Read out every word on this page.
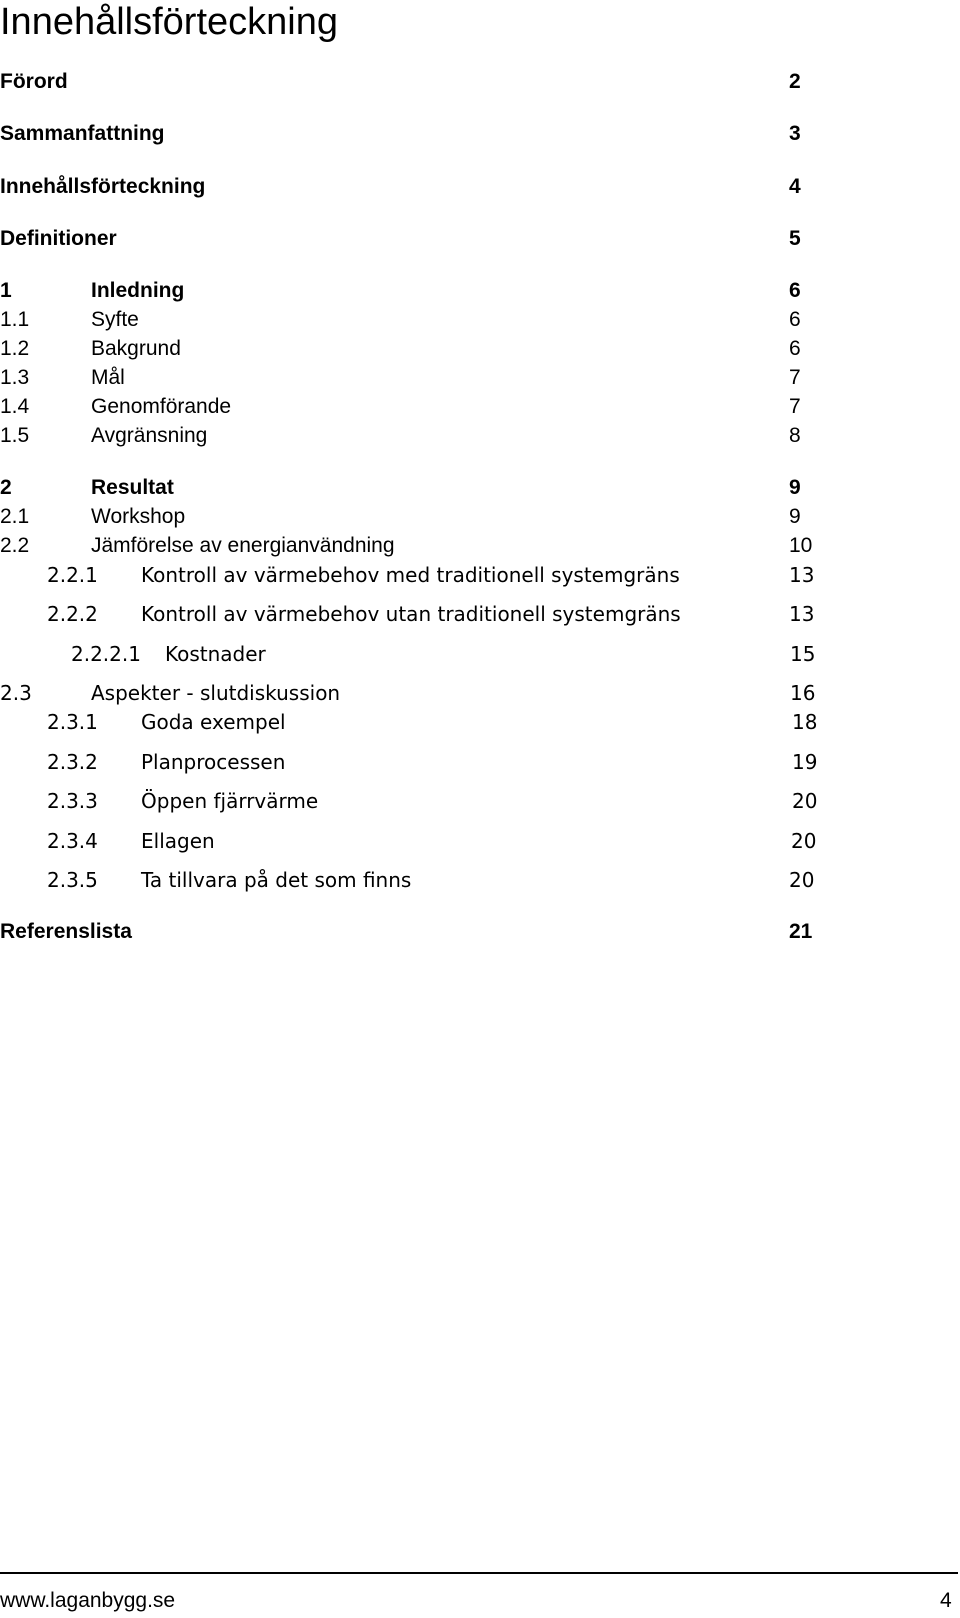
Innehållsförteckning
Förord	2
Sammanfattning	3
Innehållsförteckning	4
Definitioner	5
1	Inledning	6
1.1	Syfte	6
1.2	Bakgrund	6
1.3	Mål	7
1.4	Genomförande	7
1.5	Avgränsning	8
2	Resultat	9
2.1	Workshop	9
2.2	Jämförelse av energianvändning	10
2.2.1 Kontroll av värmebehov med traditionell systemgräns	13
2.2.2 Kontroll av värmebehov utan traditionell systemgräns	13
2.2.2.1 Kostnader	15
2.3	Aspekter - slutdiskussion	16
2.3.1 Goda exempel	18
2.3.2 Planprocessen	19
2.3.3 Öppen fjärrvärme	20
2.3.4 Ellagen	20
2.3.5 Ta tillvara på det som finns	20
Referenslista	21
www.laganbygg.se	4
